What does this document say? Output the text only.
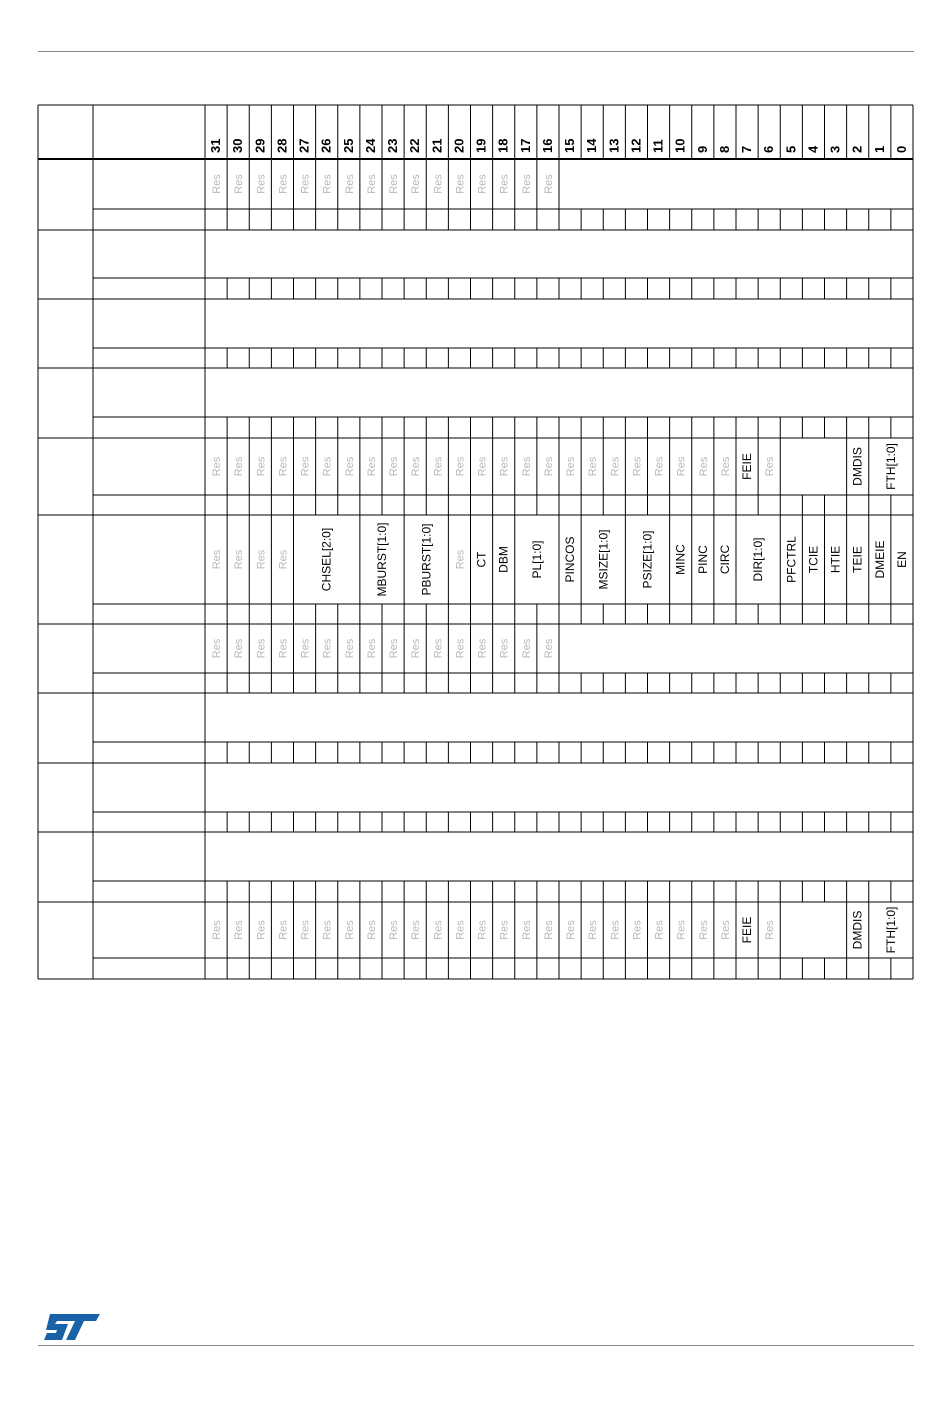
31 30 29 28 27 26 25 24 23 22 21 20 19 18 17 16 15 14 13 12 11 10 9 8 7 6 5 4 3 2 1 0
Res Res Res Res Res Res Res Res Res Res Res Res Res Res Res Res
Res Res Res Res Res Res Res Res Res Res Res Res Res Res Res Res Res Res Res Res Res Res Res Res FEIE Res	DMDIS FTH[1:0]
Res Res Res Res	CHSEL[2:0]	MBURST[1:0]	PBURST[1:0] Res CT DBM PL[1:0] PINCOS MSIZE[1:0]	PSIZE[1:0] MINC PINC CIRC DIR[1:0] PFCTRL TCIE HTIE TEIE DMEIE EN
Res Res Res Res Res Res Res Res Res Res Res Res Res Res Res Res
Res Res Res Res Res Res Res Res Res Res Res Res Res Res Res Res Res Res Res Res Res Res Res Res FEIE Res	DMDIS FTH[1:0]
